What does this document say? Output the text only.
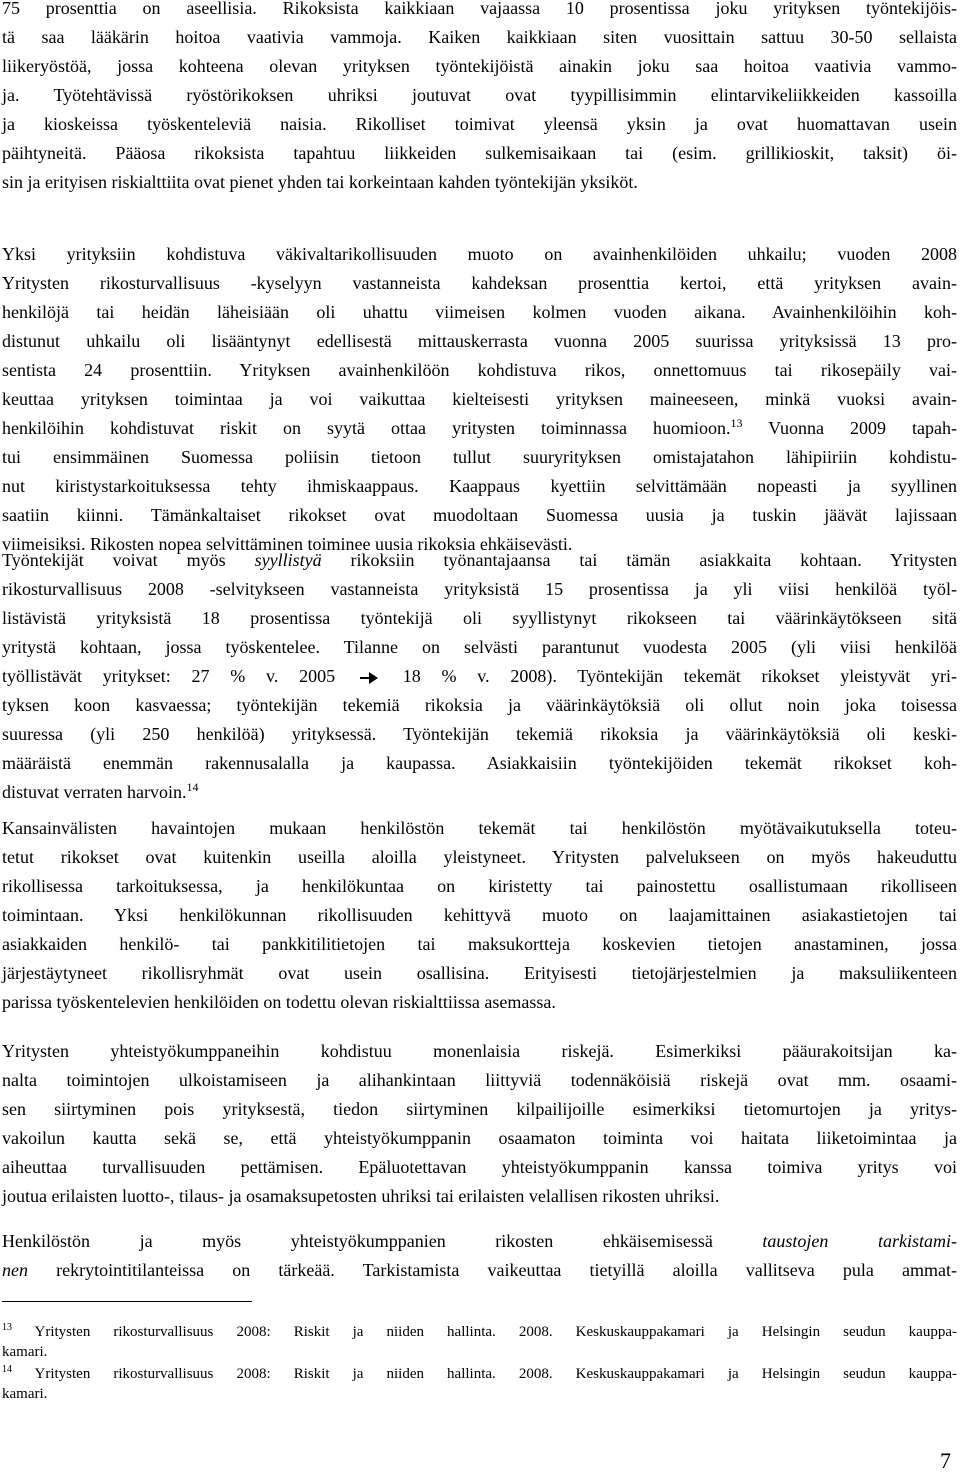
75 prosenttia on aseellisia. Rikoksista kaikkiaan vajaassa 10 prosentissa joku yrityksen työntekijöis-
tä saa lääkärin hoitoa vaativia vammoja. Kaiken kaikkiaan siten vuosittain sattuu 30-50 sellaista
liikeryöstöä, jossa kohteena olevan yrityksen työntekijöistä ainakin joku saa hoitoa vaativia vammo-
ja. Työtehtävissä ryöstörikoksen uhriksi joutuvat ovat tyypillisimmin elintarvikeliikkeiden kassoilla
ja kioskeissa työskenteleviä naisia. Rikolliset toimivat yleensä yksin ja ovat huomattavan usein
päihtyneitä. Pääosa rikoksista tapahtuu liikkeiden sulkemisaikaan tai (esim. grillikioskit, taksit) öi-
sin ja erityisen riskialttiita ovat pienet yhden tai korkeintaan kahden työntekijän yksiköt.
Yksi yrityksiin kohdistuva väkivaltarikollisuuden muoto on avainhenkilöiden uhkailu; vuoden 2008
Yritysten rikosturvallisuus -kyselyyn vastanneista kahdeksan prosenttia kertoi, että yrityksen avain-
henkilöjä tai heidän läheisiään oli uhattu viimeisen kolmen vuoden aikana. Avainhenkilöihin koh-
distunut uhkailu oli lisääntynyt edellisestä mittauskerrasta vuonna 2005 suurissa yrityksissä 13 pro-
sentista 24 prosenttiin. Yrityksen avainhenkilöön kohdistuva rikos, onnettomuus tai rikosepäily vai-
keuttaa yrityksen toimintaa ja voi vaikuttaa kielteisesti yrityksen maineeseen, minkä vuoksi avain-
henkilöihin kohdistuvat riskit on syytä ottaa yritysten toiminnassa huomioon.$^{13}$ Vuonna 2009 tapah-
tui ensimmäinen Suomessa poliisin tietoon tullut suuryrityksen omistajatahon lähipiiriin kohdistu-
nut kiristystarkoituksessa tehty ihmiskaappaus. Kaappaus kyettiin selvittämään nopeasti ja syyllinen
saatiin kiinni. Tämänkaltaiset rikokset ovat muodoltaan Suomessa uusia ja tuskin jäävät lajissaan
viimeisiksi. Rikosten nopea selvittäminen toiminee uusia rikoksia ehkäisevästi.
Työntekijät voivat myös syyllistyä rikoksiin työnantajaansa tai tämän asiakkaita kohtaan. Yritysten
rikosturvallisuus 2008 -selvitykseen vastanneista yrityksistä 15 prosentissa ja yli viisi henkilöä työl-
listävistä yrityksistä 18 prosentissa työntekijä oli syyllistynyt rikokseen tai väärinkäytökseen sitä
yritystä kohtaan, jossa työskentelee. Tilanne on selvästi parantunut vuodesta 2005 (yli viisi henkilöä
työllistävät yritykset: 27 % v. 2005	18 % v. 2008). Työntekijän tekemät rikokset yleistyvät yri-
tyksen koon kasvaessa; työntekijän tekemiä rikoksia ja väärinkäytöksiä oli ollut noin joka toisessa
suuressa (yli 250 henkilöä) yrityksessä. Työntekijän tekemiä rikoksia ja väärinkäytöksiä oli keski-
määräistä enemmän rakennusalalla ja kaupassa. Asiakkaisiin työntekijöiden tekemät rikokset koh-
distuvat verraten harvoin.$^{14}$
Kansainvälisten havaintojen mukaan henkilöstön tekemät tai henkilöstön myötävaikutuksella toteu-
tetut rikokset ovat kuitenkin useilla aloilla yleistyneet. Yritysten palvelukseen on myös hakeuduttu
rikollisessa tarkoituksessa, ja henkilökuntaa on kiristetty tai painostettu osallistumaan rikolliseen
toimintaan. Yksi henkilökunnan rikollisuuden kehittyvä muoto on laajamittainen asiakastietojen tai
asiakkaiden henkilö- tai pankkitilitietojen tai maksukortteja koskevien tietojen anastaminen, jossa
järjestäytyneet rikollisryhmät ovat usein osallisina. Erityisesti tietojärjestelmien ja maksuliikenteen
parissa työskentelevien henkilöiden on todettu olevan riskialttiissa asemassa.
Yritysten yhteistyökumppaneihin kohdistuu monenlaisia riskejä. Esimerkiksi pääurakoitsijan ka-
nalta toimintojen ulkoistamiseen ja alihankintaan liittyviä todennäköisiä riskejä ovat mm. osaami-
sen siirtyminen pois yrityksestä, tiedon siirtyminen kilpailijoille esimerkiksi tietomurtojen ja yritys-
vakoilun kautta sekä se, että yhteistyökumppanin osaamaton toiminta voi haitata liiketoimintaa ja
aiheuttaa turvallisuuden pettämisen. Epäluotettavan yhteistyökumppanin kanssa toimiva yritys voi
joutua erilaisten luotto-, tilaus- ja osamaksupetosten uhriksi tai erilaisten velallisen rikosten uhriksi.
Henkilöstön ja myös yhteistyökumppanien rikosten ehkäisemisessä taustojen tarkistami-
nen rekrytointitilanteissa on tärkeää. Tarkistamista vaikeuttaa tietyillä aloilla vallitseva pula ammat-
$^{13}$ Yritysten rikosturvallisuus 2008: Riskit ja niiden hallinta. 2008. Keskuskauppakamari ja Helsingin seudun kauppa-
kamari.
$^{14}$ Yritysten rikosturvallisuus 2008: Riskit ja niiden hallinta. 2008. Keskuskauppakamari ja Helsingin seudun kauppa-
kamari.
7
